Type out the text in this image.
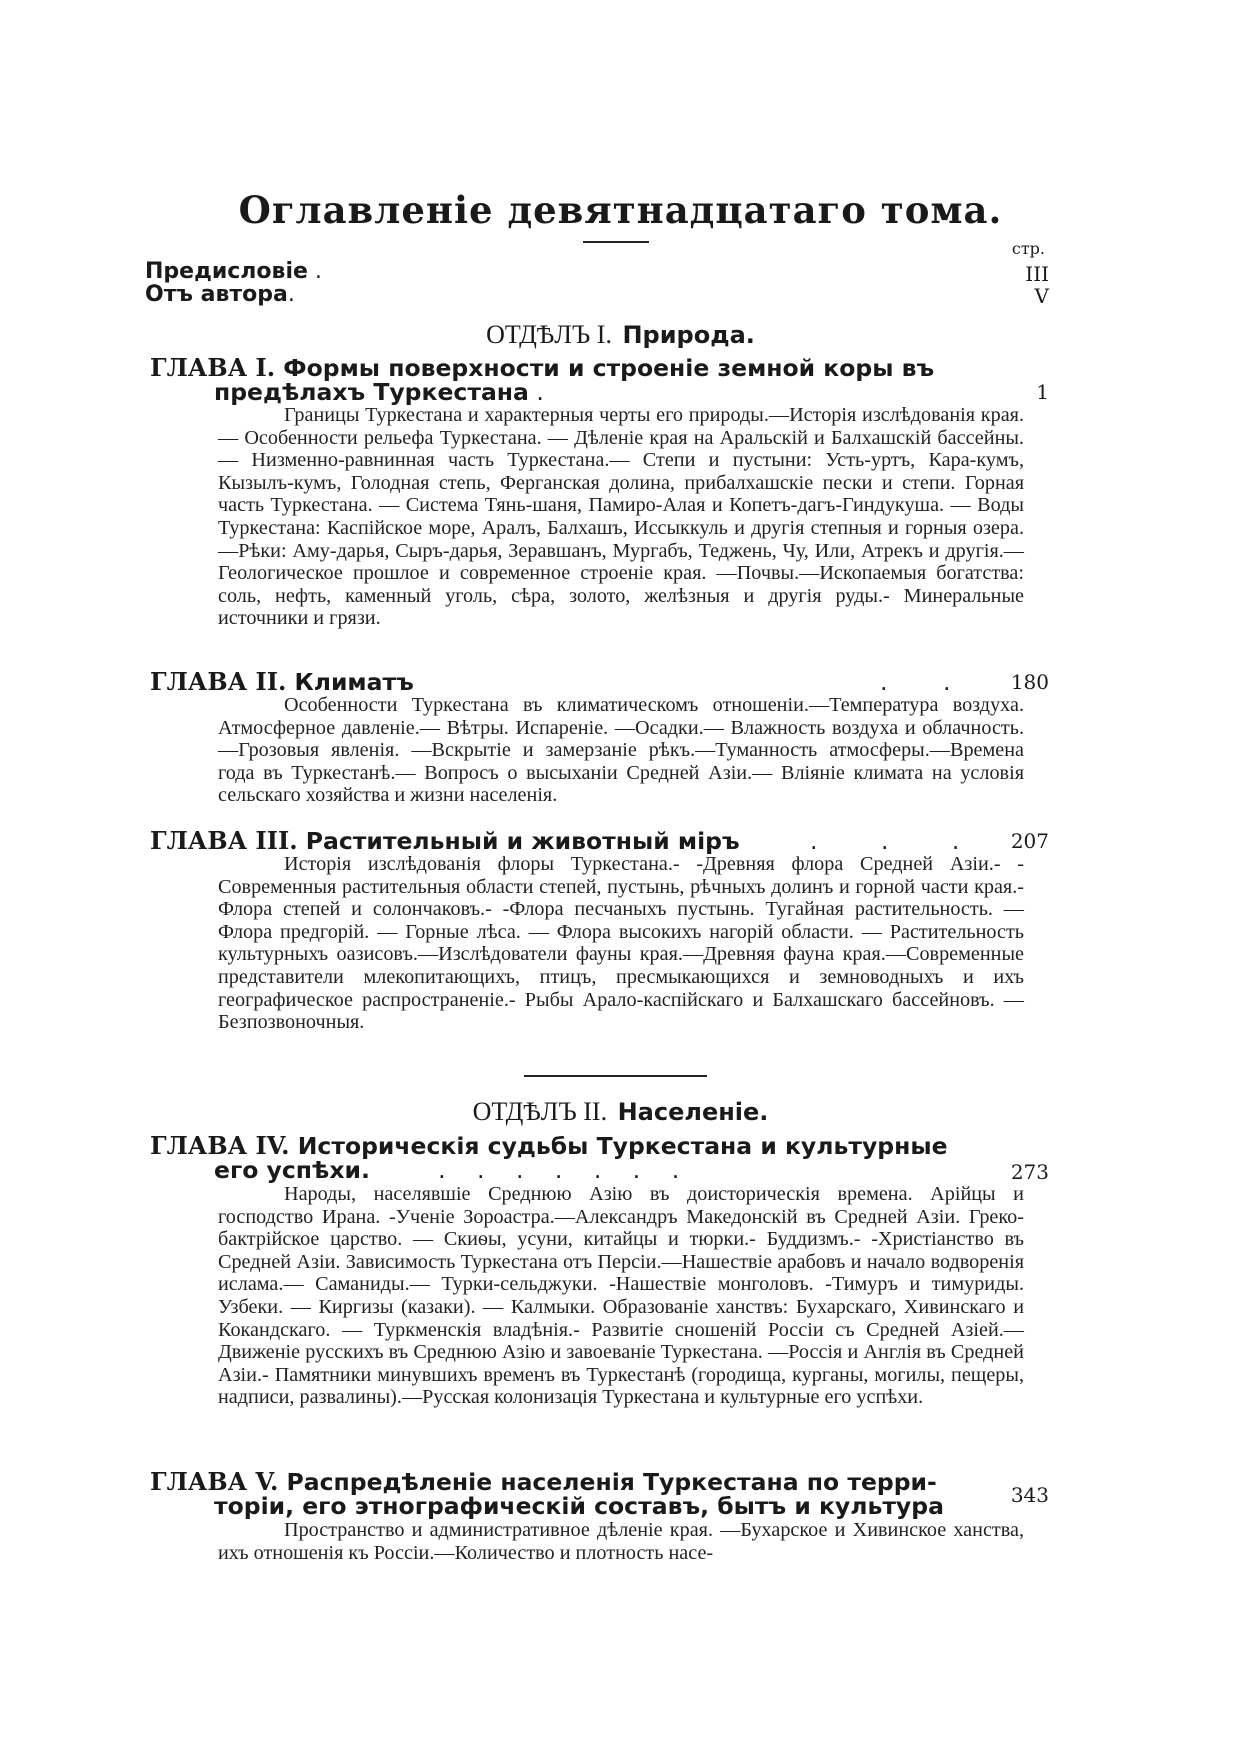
Оглавленіе девятнадцатаго тома.
стр.
Предисловіе .	III
Отъ автора.	V
ОТДѢЛЪ I. Природа.
ГЛАВА I. Формы поверхности и строеніе земной коры въ
предѣлахъ Туркестана .	1
Границы Туркестана и характерныя черты его природы.—Исторія изслѣдованія края. — Особенности рельефа Туркестана. — Дѣленіе края на Аральскій и Балхашскій бассейны.— Низменно-равнинная часть Туркестана.— Степи и пустыни: Усть-уртъ, Кара-кумъ, Кызылъ-кумъ, Голодная степь, Ферганская долина, прибалхашскіе пески и степи. Горная часть Туркестана. — Система Тянь-шаня, Памиро-Алая и Копетъ-дагъ-Гиндукуша. — Воды Туркестана: Каспійское море, Аралъ, Балхашъ, Иссыккуль и другія степныя и горныя озера.—Рѣки: Аму-дарья, Сыръ-дарья, Зеравшанъ, Мургабъ, Теджень, Чу, Или, Атрекъ и другія.—Геологическое прошлое и современное строеніе края. —Почвы.—Ископаемыя богатства: соль, нефть, каменный уголь, сѣра, золото, желѣзныя и другія руды.- Минеральные источники и грязи.
ГЛАВА II. Климатъ	. . 180
Особенности Туркестана въ климатическомъ отношеніи.—Температура воздуха. Атмосферное давленіе.— Вѣтры. Испареніе. —Осадки.— Влажность воздуха и облачность. —Грозовыя явленія. —Вскрытіе и замерзаніе рѣкъ.—Туманность атмосферы.—Времена года въ Туркестанѣ.— Вопросъ о высыханіи Средней Азіи.— Вліяніе климата на условія сельскаго хозяйства и жизни населенія.
ГЛАВА III. Растительный и животный міръ	. . . 207
Исторія изслѣдованія флоры Туркестана.- -Древняя флора Средней Азіи.- - Современныя растительныя области степей, пустынь, рѣчныхъ долинъ и горной части края.- Флора степей и солончаковъ.- -Флора песчаныхъ пустынь. Тугайная растительность. — Флора предгорій. — Горные лѣса. — Флора высокихъ нагорій области. — Растительность культурныхъ оазисовъ.—Изслѣдователи фауны края.—Древняя фауна края.—Современные представители млекопитающихъ, птицъ, пресмыкающихся и земноводныхъ и ихъ географическое распространеніе.- Рыбы Арало-каспійскаго и Балхашскаго бассейновъ. —Безпозвоночныя.
ОТДѢЛЪ II. Населеніе.
ГЛАВА IV. Историческія судьбы Туркестана и культурные
его успѣхи.	. . . . . . .	273
Народы, населявшіе Среднюю Азію въ доисторическія времена. Арійцы и господство Ирана. -Ученіе Зороастра.—Александръ Македонскій въ Средней Азіи. Греко-бактрійское царство. — Скиѳы, усуни, китайцы и тюрки.- Буддизмъ.- -Христіанство въ Средней Азіи. Зависимость Туркестана отъ Персіи.—Нашествіе арабовъ и начало водворенія ислама.— Саманиды.— Турки-сельджуки. -Нашествіе монголовъ. -Тимуръ и тимуриды. Узбеки. — Киргизы (казаки). — Калмыки. Образованіе ханствъ: Бухарскаго, Хивинскаго и Кокандскаго. — Туркменскія владѣнія.- Развитіе сношеній Россіи съ Средней Азіей.—Движеніе русскихъ въ Среднюю Азію и завоеваніе Туркестана. —Россія и Англія въ Средней Азіи.- Памятники минувшихъ временъ въ Туркестанѣ (городища, курганы, могилы, пещеры, надписи, развалины).—Русская колонизація Туркестана и культурные его успѣхи.
ГЛАВА V. Распредѣленіе населенія Туркестана по терри-
торіи, его этнографическій составъ, бытъ и культура	343
Пространство и административное дѣленіе края. —Бухарское и Хивинское ханства, ихъ отношенія къ Россіи.—Количество и плотность насе-
